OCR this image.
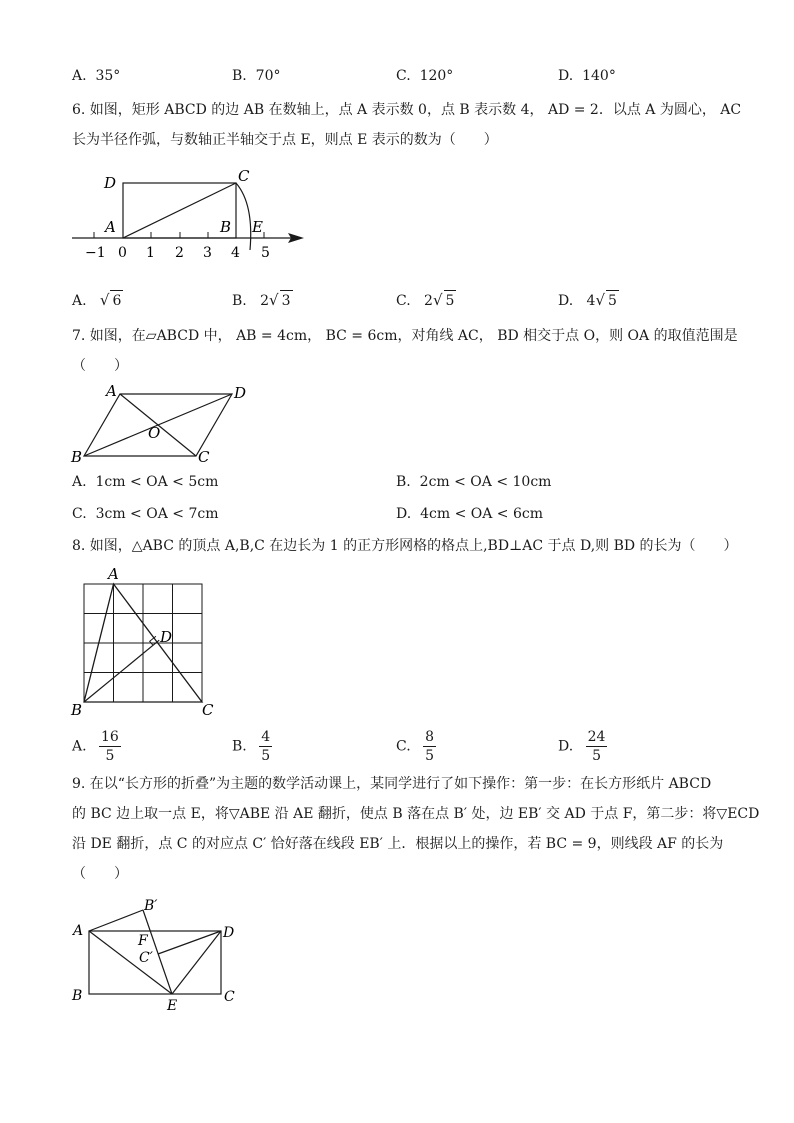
A. 35°	B. 70°	C. 120°	D. 140°
6. 如图，矩形 ABCD 的边 AB 在数轴上，点 A 表示数 0，点 B 表示数 4， AD = 2．以点 A 为圆心， AC
长为半径作弧，与数轴正半轴交于点 E，则点 E 表示的数为（　　）
D	C
A	B E
−1 0 1 2 3 4 5
A. √ 6	B. 2√ 3	C. 2√ 5	D. 4√ 5
7. 如图，在▱ABCD 中， AB = 4cm， BC = 6cm，对角线 AC， BD 相交于点 O，则 OA 的取值范围是
（　　）
A	D
O
B	C
A. 1cm < OA < 5cm	B. 2cm < OA < 10cm
C. 3cm < OA < 7cm	D. 4cm < OA < 6cm
8. 如图，△ABC 的顶点 A,B,C 在边长为 1 的正方形网格的格点上,BD⊥AC 于点 D,则 BD 的长为（　　）
A
D
B	C
A. $\frac{16}{5}$	B. $\frac{4}{5}$	C. $\frac{8}{5}$	D. $\frac{24}{5}$
9. 在以“长方形的折叠”为主题的数学活动课上，某同学进行了如下操作：第一步：在长方形纸片 ABCD
的 BC 边上取一点 E，将▽ABE 沿 AE 翻折，使点 B 落在点 B′ 处，边 EB′ 交 AD 于点 F，第二步：将▽ECD
沿 DE 翻折，点 C 的对应点 C′ 恰好落在线段 EB′ 上．根据以上的操作，若 BC = 9，则线段 AF 的长为
（　　）
B′
A	D
F
C′
B
E
C
